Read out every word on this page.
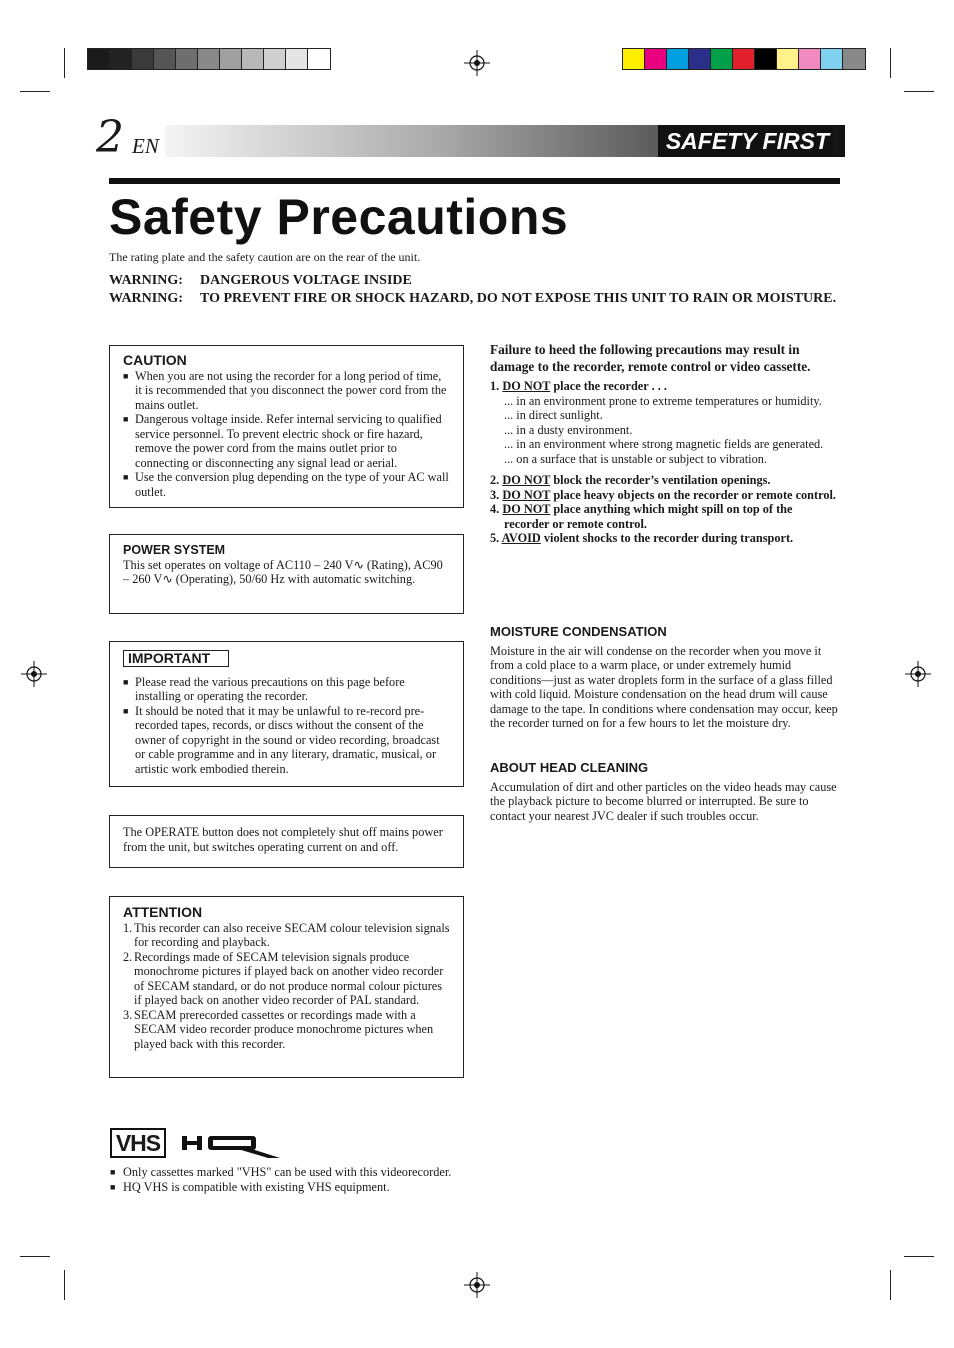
2 EN	SAFETY FIRST
Safety Precautions
The rating plate and the safety caution are on the rear of the unit.
WARNING: DANGEROUS VOLTAGE INSIDE
WARNING: TO PREVENT FIRE OR SHOCK HAZARD, DO NOT EXPOSE THIS UNIT TO RAIN OR MOISTURE.
CAUTION
■ When you are not using the recorder for a long period of time, it is recommended that you disconnect the power cord from the mains outlet.
■ Dangerous voltage inside. Refer internal servicing to qualified service personnel. To prevent electric shock or fire hazard, remove the power cord from the mains outlet prior to connecting or disconnecting any signal lead or aerial.
■ Use the conversion plug depending on the type of your AC wall outlet.
POWER SYSTEM
This set operates on voltage of AC110 – 240 V∿ (Rating), AC90 – 260 V∿ (Operating), 50/60 Hz with automatic switching.
IMPORTANT
■ Please read the various precautions on this page before installing or operating the recorder.
■ It should be noted that it may be unlawful to re-record pre-recorded tapes, records, or discs without the consent of the owner of copyright in the sound or video recording, broadcast or cable programme and in any literary, dramatic, musical, or artistic work embodied therein.
The OPERATE button does not completely shut off mains power from the unit, but switches operating current on and off.
ATTENTION
1. This recorder can also receive SECAM colour television signals for recording and playback.
2. Recordings made of SECAM television signals produce monochrome pictures if played back on another video recorder of SECAM standard, or do not produce normal colour pictures if played back on another video recorder of PAL standard.
3. SECAM prerecorded cassettes or recordings made with a SECAM video recorder produce monochrome pictures when played back with this recorder.
Failure to heed the following precautions may result in damage to the recorder, remote control or video cassette.
1. DO NOT place the recorder . . .
... in an environment prone to extreme temperatures or humidity.
... in direct sunlight.
... in a dusty environment.
... in an environment where strong magnetic fields are generated.
... on a surface that is unstable or subject to vibration.
2. DO NOT block the recorder’s ventilation openings.
3. DO NOT place heavy objects on the recorder or remote control.
4. DO NOT place anything which might spill on top of the recorder or remote control.
5. AVOID violent shocks to the recorder during transport.
MOISTURE CONDENSATION
Moisture in the air will condense on the recorder when you move it from a cold place to a warm place, or under extremely humid conditions—just as water droplets form in the surface of a glass filled with cold liquid. Moisture condensation on the head drum will cause damage to the tape. In conditions where condensation may occur, keep the recorder turned on for a few hours to let the moisture dry.
ABOUT HEAD CLEANING
Accumulation of dirt and other particles on the video heads may cause the playback picture to become blurred or interrupted. Be sure to contact your nearest JVC dealer if such troubles occur.
VHS
■ Only cassettes marked "VHS" can be used with this videorecorder.
■ HQ VHS is compatible with existing VHS equipment.
